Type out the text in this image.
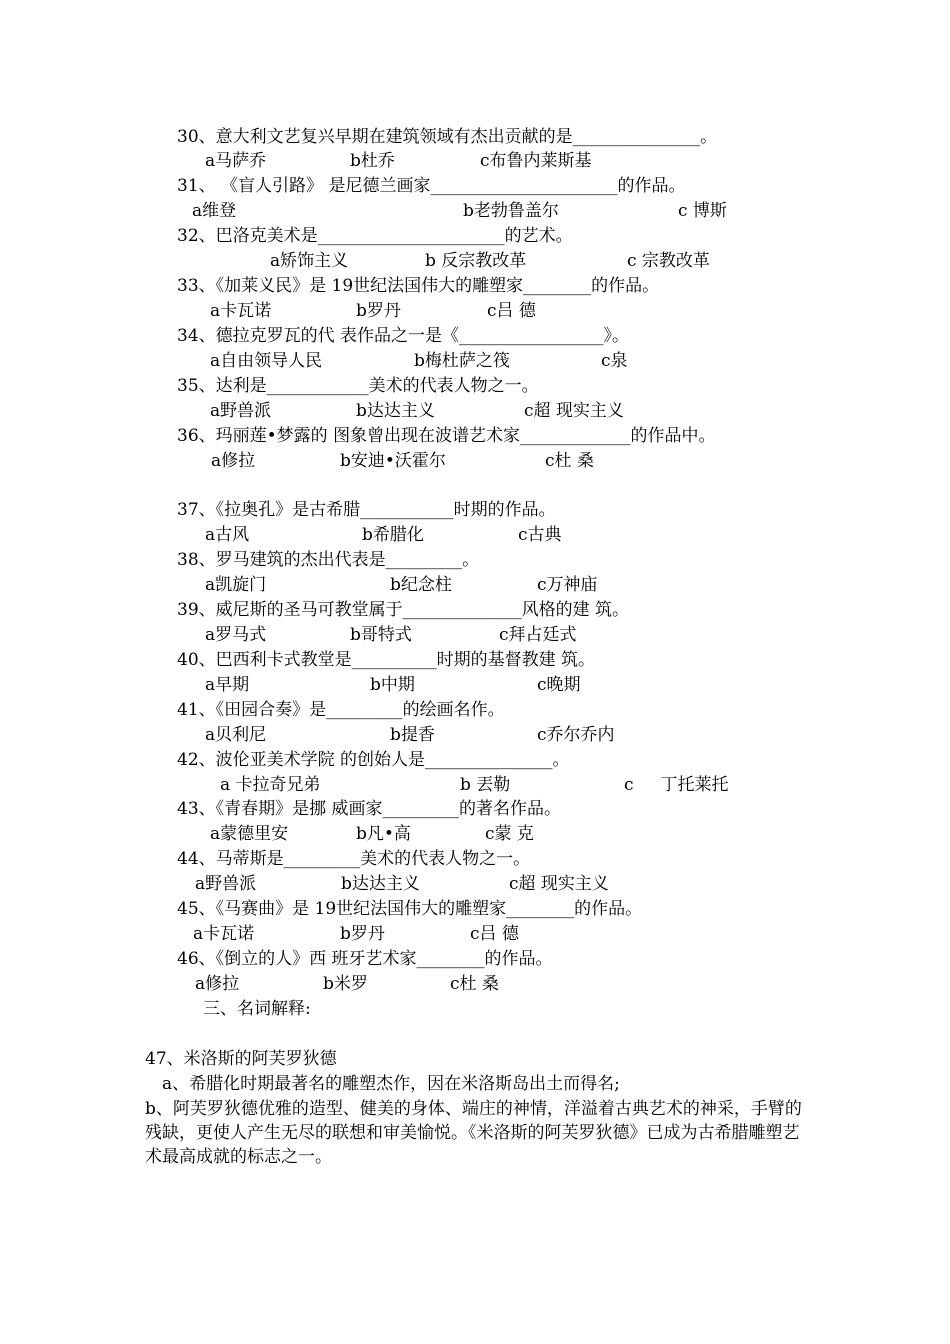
30、意大利文艺复兴早期在建筑领域有杰出贡献的是_______________。
a马萨乔	b杜乔	c布鲁内莱斯基
31、 《盲人引路》 是尼德兰画家______________________的作品。
a维登	b老勃鲁盖尔	c 博斯
32、巴洛克美术是______________________的艺术。
a矫饰主义	b 反宗教改革	c 宗教改革
33、《加莱义民》是 19世纪法国伟大的雕塑家________的作品。
a卡瓦诺	b罗丹	c吕 德
34、德拉克罗瓦的代 表作品之一是《_________________》。
a自由领导人民	b梅杜萨之筏	c泉
35、达利是____________美术的代表人物之一。
a野兽派	b达达主义	c超 现实主义
36、玛丽莲•梦露的 图象曾出现在波谱艺术家_____________的作品中。
a修拉	b安迪•沃霍尔	c杜 桑
37、《拉奥孔》是古希腊___________时期的作品。
a古风	b希腊化	c古典
38、罗马建筑的杰出代表是_________。
a凯旋门	b纪念柱	c万神庙
39、威尼斯的圣马可教堂属于______________风格的建 筑。
a罗马式	b哥特式	c拜占廷式
40、巴西利卡式教堂是__________时期的基督教建 筑。
a早期	b中期	c晚期
41、《田园合奏》是_________的绘画名作。
a贝利尼	b提香	c乔尔乔内
42、波伦亚美术学院 的创始人是_______________。
a 卡拉奇兄弟	b 丟勒	c     丁托莱托
43、《青春期》是挪 威画家_________的著名作品。
a蒙德里安	b凡•高	c蒙 克
44、马蒂斯是_________美术的代表人物之一。
a野兽派	b达达主义	c超 现实主义
45、《马赛曲》是 19世纪法国伟大的雕塑家________的作品。
a卡瓦诺	b罗丹	c吕 德
46、《倒立的人》西 班牙艺术家________的作品。
a修拉	b米罗	c杜 桑
三、名词解释:
47、米洛斯的阿芙罗狄德
a、希腊化时期最著名的雕塑杰作，因在米洛斯岛出土而得名;
b、阿芙罗狄德优雅的造型、健美的身体、端庄的神情，洋溢着古典艺术的神采，手臂的残缺，更使人产生无尽的联想和审美愉悦。《米洛斯的阿芙罗狄德》已成为古希腊雕塑艺术最高成就的标志之一。
